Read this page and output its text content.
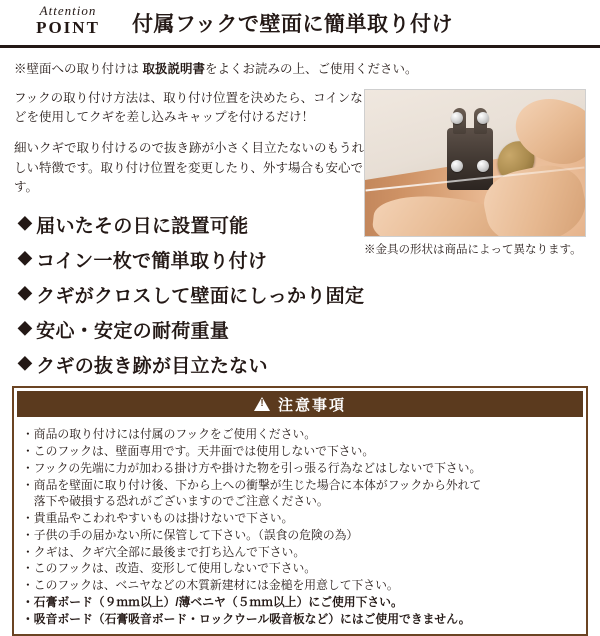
Attention
POINT	付属フックで壁面に簡単取り付け
※壁面への取り付けは 取扱説明書をよくお読みの上、ご使用ください。

フックの取り付け方法は、取り付け位置を決めたら、コインなどを使用してクギを差し込みキャップを付けるだけ！

細いクギで取り付けるので抜き跡が小さく目立たないのもうれしい特徴です。取り付け位置を変更したり、外す場合も安心です。

※金具の形状は商品によって異なります。
◆ 届いたその日に設置可能
◆ コイン一枚で簡単取り付け
◆ クギがクロスして壁面にしっかり固定
◆ 安心・安定の耐荷重量
◆ クギの抜き跡が目立たない
!
注意事項
・商品の取り付けには付属のフックをご使用ください。
・このフックは、壁面専用です。天井面では使用しないで下さい。
・フックの先端に力が加わる掛け方や掛けた物を引っ張る行為などはしないで下さい。
・商品を壁面に取り付け後、下から上への衝撃が生じた場合に本体がフックから外れて
　落下や破損する恐れがございますのでご注意ください。
・貴重品やこわれやすいものは掛けないで下さい。
・子供の手の届かない所に保管して下さい。（誤食の危険の為）
・クギは、クギ穴全部に最後まで打ち込んで下さい。
・このフックは、改造、変形して使用しないで下さい。
・このフックは、ベニヤなどの木質新建材には金槌を用意して下さい。
・石膏ボード（９ｍｍ以上）/薄ベニヤ（５ｍｍ以上）にご使用下さい。
・吸音ボード（石膏吸音ボード・ロックウール吸音板など）にはご使用できません。
